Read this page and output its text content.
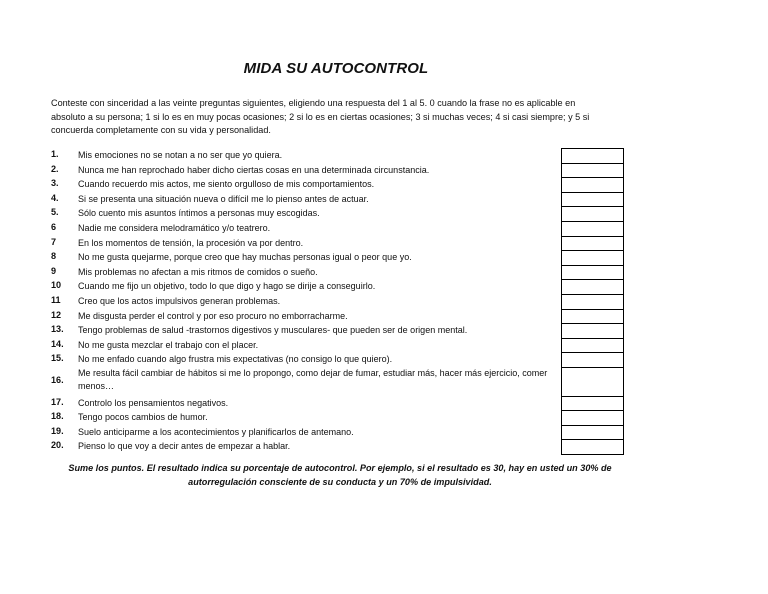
MIDA SU AUTOCONTROL
Conteste con sinceridad a las veinte preguntas siguientes, eligiendo una respuesta del 1 al 5. 0 cuando la frase no es aplicable en absoluto a su persona; 1 si lo es en muy pocas ocasiones; 2 si lo es en ciertas ocasiones; 3 si muchas veces; 4 si casi siempre; y 5 si concuerda completamente con su vida y personalidad.
1. Mis emociones no se notan a no ser que yo quiera.
2. Nunca me han reprochado haber dicho ciertas cosas en una determinada circunstancia.
3. Cuando recuerdo mis actos, me siento orgulloso de mis comportamientos.
4. Si se presenta una situación nueva o difícil me lo pienso antes de actuar.
5. Sólo cuento mis asuntos íntimos a personas muy escogidas.
6 Nadie me considera melodramático y/o teatrero.
7 En los momentos de tensión, la procesión va por dentro.
8 No me gusta quejarme, porque creo que hay muchas personas igual o peor que yo.
9 Mis problemas no afectan a mis ritmos de comidos o sueño.
10 Cuando me fijo un objetivo, todo lo que digo y hago se dirije a conseguirlo.
11 Creo que los actos impulsivos generan problemas.
12 Me disgusta perder el control y por eso procuro no emborracharme.
13. Tengo problemas de salud -trastornos digestivos y musculares- que pueden ser de origen mental.
14. No me gusta mezclar el trabajo con el placer.
15. No me enfado cuando algo frustra mis expectativas (no consigo lo que quiero).
16.
Me resulta fácil cambiar de hábitos si me lo propongo, como dejar de fumar, estudiar más, hacer más ejercicio, comer menos…
17. Controlo los pensamientos negativos.
18. Tengo pocos cambios de humor.
19. Suelo anticiparme a los acontecimientos y planificarlos de antemano.
20. Pienso lo que voy a decir antes de empezar a hablar.
Sume los puntos. El resultado indica su porcentaje de autocontrol. Por ejemplo, si el resultado es 30, hay en usted un 30% de autorregulación consciente de su conducta y un 70% de impulsividad.
